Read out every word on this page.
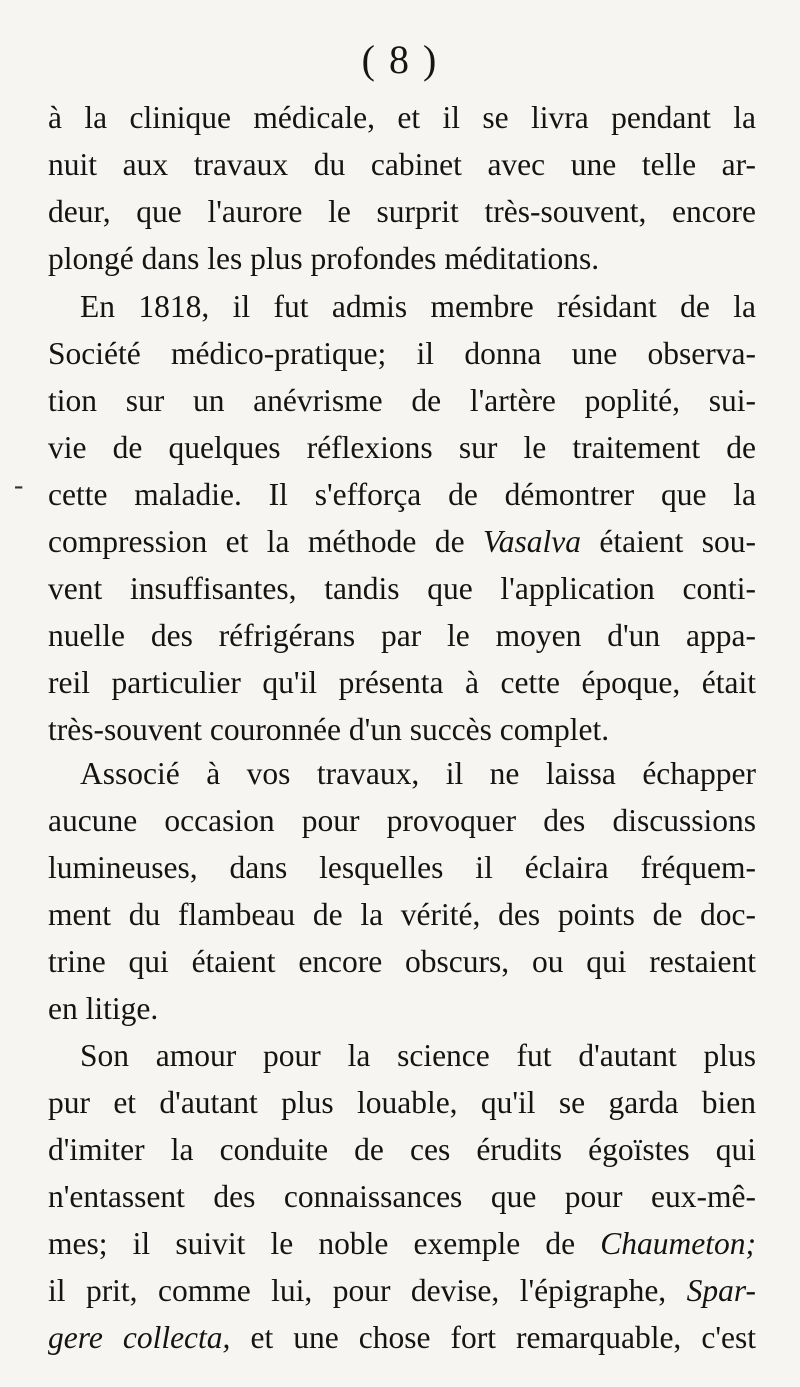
( 8 )
-
à la clinique médicale, et il se livra pendant la
nuit aux travaux du cabinet avec une telle ar-
deur, que l'aurore le surprit très-souvent, encore
plongé dans les plus profondes méditations.
En 1818, il fut admis membre résidant de la
Société médico-pratique; il donna une observa-
tion sur un anévrisme de l'artère poplité, sui-
vie de quelques réflexions sur le traitement de
cette maladie. Il s'efforça de démontrer que la
compression et la méthode de Vasalva étaient sou-
vent insuffisantes, tandis que l'application conti-
nuelle des réfrigérans par le moyen d'un appa-
reil particulier qu'il présenta à cette époque, était
très-souvent couronnée d'un succès complet.
Associé à vos travaux, il ne laissa échapper
aucune occasion pour provoquer des discussions
lumineuses, dans lesquelles il éclaira fréquem-
ment du flambeau de la vérité, des points de doc-
trine qui étaient encore obscurs, ou qui restaient
en litige.
Son amour pour la science fut d'autant plus
pur et d'autant plus louable, qu'il se garda bien
d'imiter la conduite de ces érudits égoïstes qui
n'entassent des connaissances que pour eux-mê-
mes; il suivit le noble exemple de Chaumeton;
il prit, comme lui, pour devise, l'épigraphe, Spar-
gere collecta, et une chose fort remarquable, c'est
